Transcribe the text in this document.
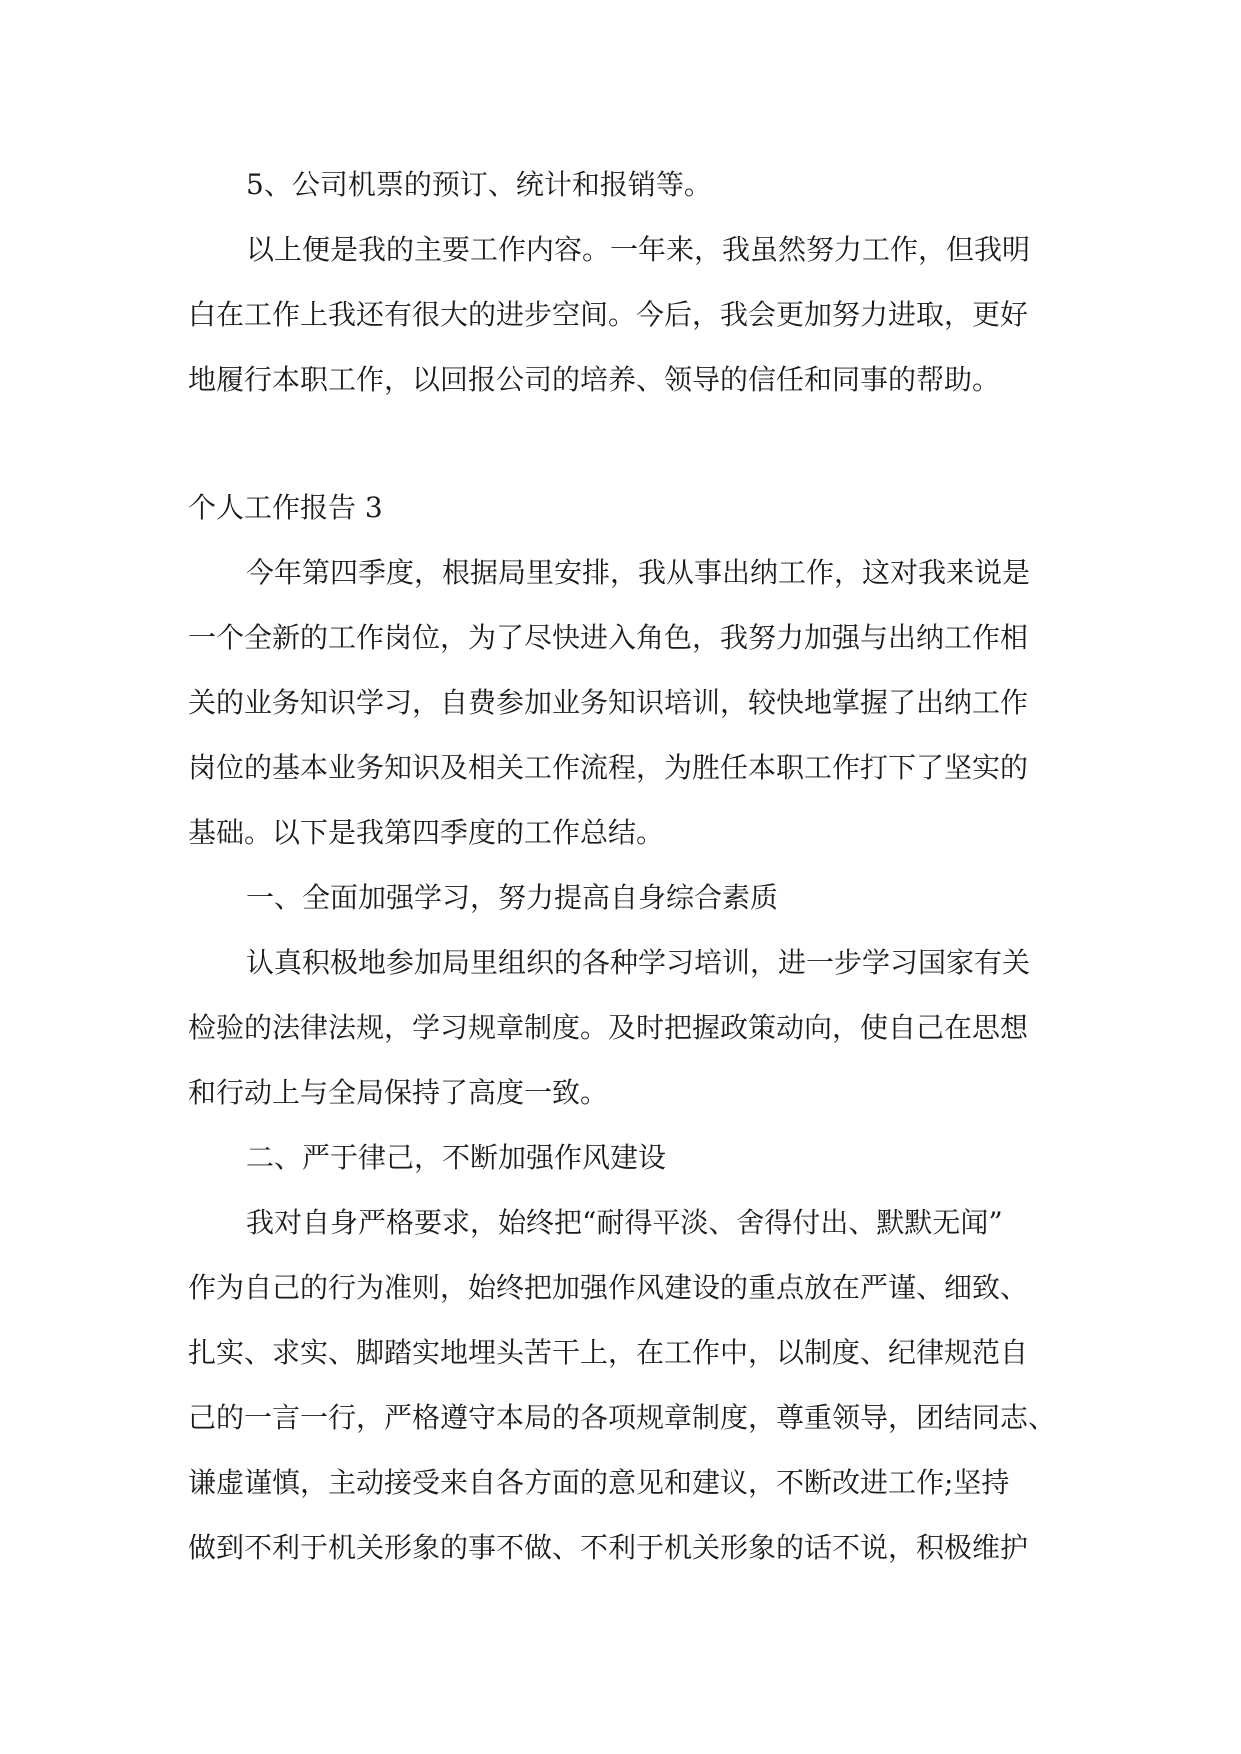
5、公司机票的预订、统计和报销等。

以上便是我的主要工作内容。一年来，我虽然努力工作，但我明

白在工作上我还有很大的进步空间。今后，我会更加努力进取，更好

地履行本职工作，以回报公司的培养、领导的信任和同事的帮助。

个人工作报告 3

今年第四季度，根据局里安排，我从事出纳工作，这对我来说是

一个全新的工作岗位，为了尽快进入角色，我努力加强与出纳工作相

关的业务知识学习，自费参加业务知识培训，较快地掌握了出纳工作

岗位的基本业务知识及相关工作流程，为胜任本职工作打下了坚实的

基础。以下是我第四季度的工作总结。

一、全面加强学习，努力提高自身综合素质

认真积极地参加局里组织的各种学习培训，进一步学习国家有关

检验的法律法规，学习规章制度。及时把握政策动向，使自己在思想

和行动上与全局保持了高度一致。

二、严于律己，不断加强作风建设

我对自身严格要求，始终把“耐得平淡、舍得付出、默默无闻”

作为自己的行为准则，始终把加强作风建设的重点放在严谨、细致、

扎实、求实、脚踏实地埋头苦干上，在工作中，以制度、纪律规范自

己的一言一行，严格遵守本局的各项规章制度，尊重领导，团结同志、

谦虚谨慎，主动接受来自各方面的意见和建议，不断改进工作;坚持

做到不利于机关形象的事不做、不利于机关形象的话不说，积极维护
